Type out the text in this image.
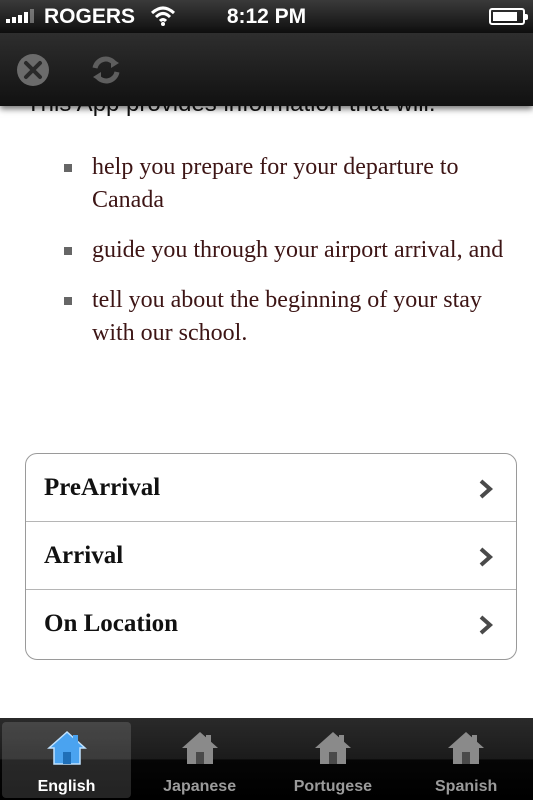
ROGERS	8:12 PM
help you prepare for your departure to Canada
guide you through your airport arrival, and
tell you about the beginning of your stay with our school.
PreArrival
Arrival
On Location
English	Japanese	Portugese	Spanish
